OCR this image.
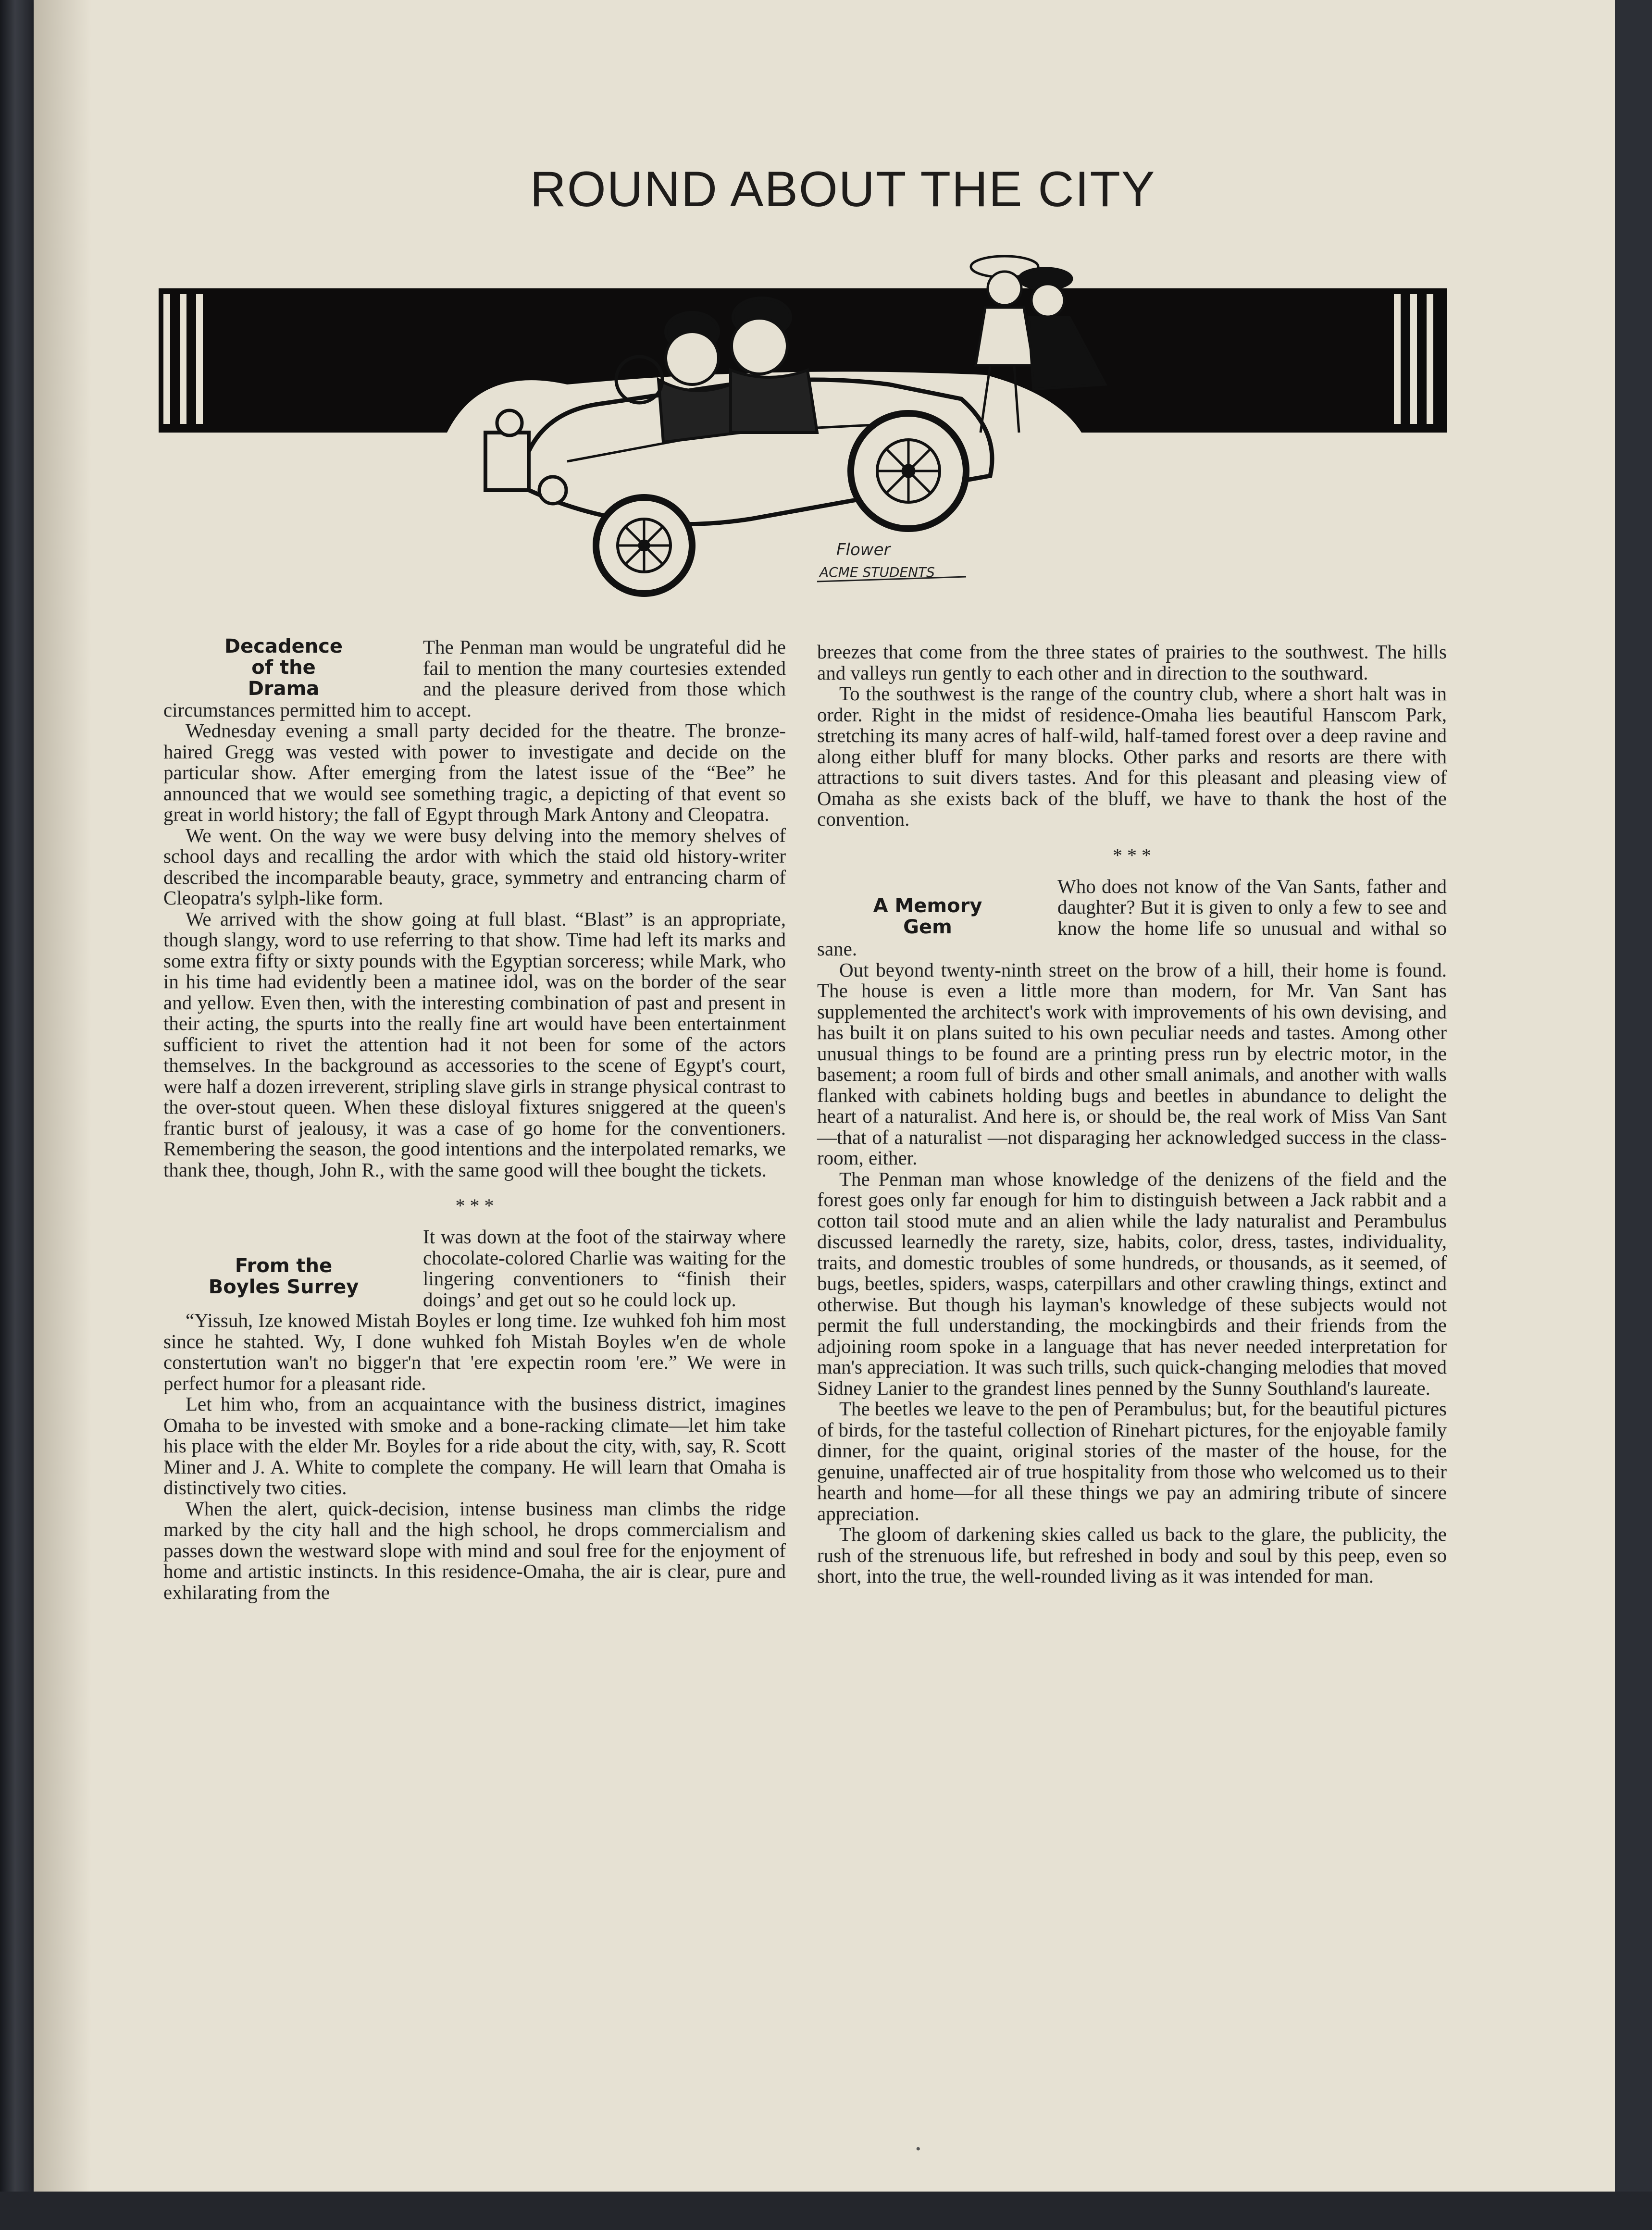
ROUND ABOUT THE CITY
Flower
ACME STUDENTS
Decadence
of the
Drama

The Penman man would be ungrateful did he fail to mention the many courtesies extended and the pleasure derived from those which circumstances permitted him to accept.

Wednesday evening a small party decided for the theatre. The bronze-haired Gregg was vested with power to investigate and decide on the particular show. After emerging from the latest issue of the “Bee” he announced that we would see something tragic, a depicting of that event so great in world history; the fall of Egypt through Mark Antony and Cleopatra.

We went. On the way we were busy delving into the memory shelves of school days and recalling the ardor with which the staid old history-writer described the incomparable beauty, grace, symmetry and entrancing charm of Cleopatra's sylph-like form.

We arrived with the show going at full blast. “Blast” is an appropriate, though slangy, word to use referring to that show. Time had left its marks and some extra fifty or sixty pounds with the Egyptian sorceress; while Mark, who in his time had evidently been a matinee idol, was on the border of the sear and yellow. Even then, with the interesting combination of past and present in their acting, the spurts into the really fine art would have been entertainment sufficient to rivet the attention had it not been for some of the actors themselves. In the background as accessories to the scene of Egypt's court, were half a dozen irreverent, stripling slave girls in strange physical contrast to the over-stout queen. When these disloyal fixtures sniggered at the queen's frantic burst of jealousy, it was a case of go home for the conventioners. Remembering the season, the good intentions and the interpolated remarks, we thank thee, though, John R., with the same good will thee bought the tickets.

* * *
From the
Boyles Surrey

It was down at the foot of the stairway where chocolate-colored Charlie was waiting for the lingering conventioners to “finish their doings’ and get out so he could lock up.

“Yissuh, Ize knowed Mistah Boyles er long time. Ize wuhked foh him most since he stahted. Wy, I done wuhked foh Mistah Boyles w'en de whole constertution wan't no bigger'n that 'ere expectin room 'ere.” We were in perfect humor for a pleasant ride.

Let him who, from an acquaintance with the business district, imagines Omaha to be invested with smoke and a bone-racking climate—let him take his place with the elder Mr. Boyles for a ride about the city, with, say, R. Scott Miner and J. A. White to complete the company. He will learn that Omaha is distinctively two cities.

When the alert, quick-decision, intense business man climbs the ridge marked by the city hall and the high school, he drops commercialism and passes down the westward slope with mind and soul free for the enjoyment of home and artistic instincts. In this residence-Omaha, the air is clear, pure and exhilarating from the

breezes that come from the three states of prairies to the southwest. The hills and valleys run gently to each other and in direction to the southward.

To the southwest is the range of the country club, where a short halt was in order. Right in the midst of residence-Omaha lies beautiful Hanscom Park, stretching its many acres of half-wild, half-tamed forest over a deep ravine and along either bluff for many blocks. Other parks and resorts are there with attractions to suit divers tastes. And for this pleasant and pleasing view of Omaha as she exists back of the bluff, we have to thank the host of the convention.

* * *
A Memory
Gem

Who does not know of the Van Sants, father and daughter? But it is given to only a few to see and know the home life so unusual and withal so sane.

Out beyond twenty-ninth street on the brow of a hill, their home is found. The house is even a little more than modern, for Mr. Van Sant has supplemented the architect's work with improvements of his own devising, and has built it on plans suited to his own peculiar needs and tastes. Among other unusual things to be found are a printing press run by electric motor, in the basement; a room full of birds and other small animals, and another with walls flanked with cabinets holding bugs and beetles in abundance to delight the heart of a naturalist. And here is, or should be, the real work of Miss Van Sant—that of a naturalist —not disparaging her acknowledged success in the class-room, either.

The Penman man whose knowledge of the denizens of the field and the forest goes only far enough for him to distinguish between a Jack rabbit and a cotton tail stood mute and an alien while the lady naturalist and Perambulus discussed learnedly the rarety, size, habits, color, dress, tastes, individuality, traits, and domestic troubles of some hundreds, or thousands, as it seemed, of bugs, beetles, spiders, wasps, caterpillars and other crawling things, extinct and otherwise. But though his layman's knowledge of these subjects would not permit the full understanding, the mockingbirds and their friends from the adjoining room spoke in a language that has never needed interpretation for man's appreciation. It was such trills, such quick-changing melodies that moved Sidney Lanier to the grandest lines penned by the Sunny Southland's laureate.

The beetles we leave to the pen of Perambulus; but, for the beautiful pictures of birds, for the tasteful collection of Rinehart pictures, for the enjoyable family dinner, for the quaint, original stories of the master of the house, for the genuine, unaffected air of true hospitality from those who welcomed us to their hearth and home—for all these things we pay an admiring tribute of sincere appreciation.

The gloom of darkening skies called us back to the glare, the publicity, the rush of the strenuous life, but refreshed in body and soul by this peep, even so short, into the true, the well-rounded living as it was intended for man.

•
